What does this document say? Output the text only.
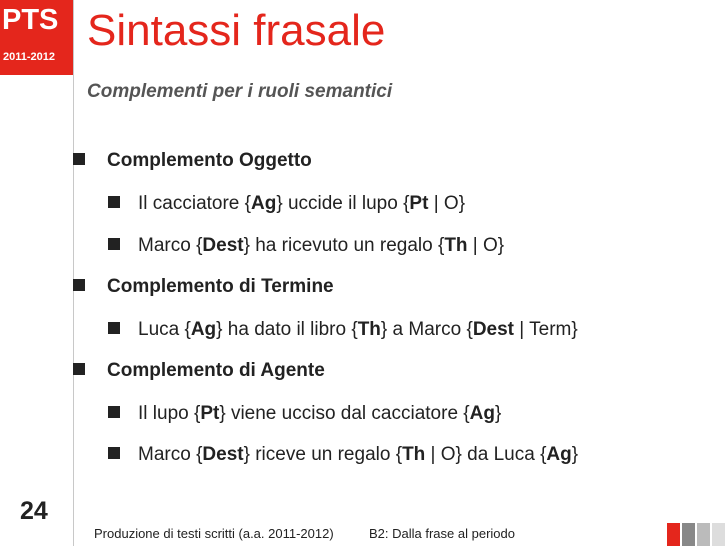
PTS
2011-2012
24
Sintassi frasale
Complementi per i ruoli semantici
Complemento Oggetto
Il cacciatore {Ag} uccide il lupo {Pt | O}
Marco {Dest} ha ricevuto un regalo {Th | O}
Complemento di Termine
Luca {Ag} ha dato il libro {Th} a Marco {Dest | Term}
Complemento di Agente
Il lupo {Pt} viene ucciso dal cacciatore {Ag}
Marco {Dest} riceve un regalo {Th | O} da Luca {Ag}
Produzione di testi scritti (a.a. 2011-2012)	B2: Dalla frase al periodo
